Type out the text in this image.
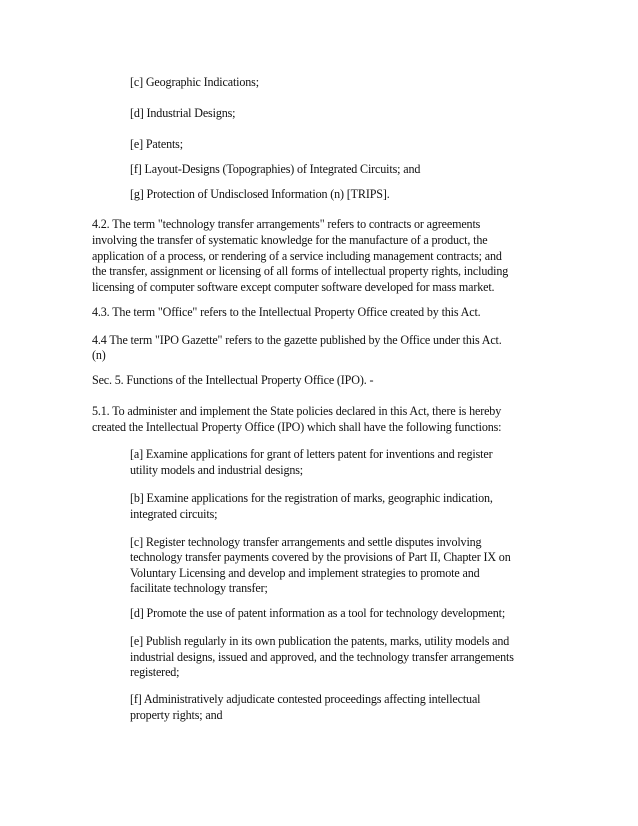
[c] Geographic Indications;
[d] Industrial Designs;
[e] Patents;
[f] Layout-Designs (Topographies) of Integrated Circuits; and
[g] Protection of Undisclosed Information (n) [TRIPS].
4.2. The term "technology transfer arrangements" refers to contracts or agreements
involving the transfer of systematic knowledge for the manufacture of a product, the
application of a process, or rendering of a service including management contracts; and
the transfer, assignment or licensing of all forms of intellectual property rights, including
licensing of computer software except computer software developed for mass market.
4.3. The term "Office" refers to the Intellectual Property Office created by this Act.
4.4 The term "IPO Gazette" refers to the gazette published by the Office under this Act.
(n)
Sec. 5. Functions of the Intellectual Property Office (IPO). -
5.1. To administer and implement the State policies declared in this Act, there is hereby
created the Intellectual Property Office (IPO) which shall have the following functions:
[a] Examine applications for grant of letters patent for inventions and register
utility models and industrial designs;
[b] Examine applications for the registration of marks, geographic indication,
integrated circuits;
[c] Register technology transfer arrangements and settle disputes involving
technology transfer payments covered by the provisions of Part II, Chapter IX on
Voluntary Licensing and develop and implement strategies to promote and
facilitate technology transfer;
[d] Promote the use of patent information as a tool for technology development;
[e] Publish regularly in its own publication the patents, marks, utility models and
industrial designs, issued and approved, and the technology transfer arrangements
registered;
[f] Administratively adjudicate contested proceedings affecting intellectual
property rights; and
